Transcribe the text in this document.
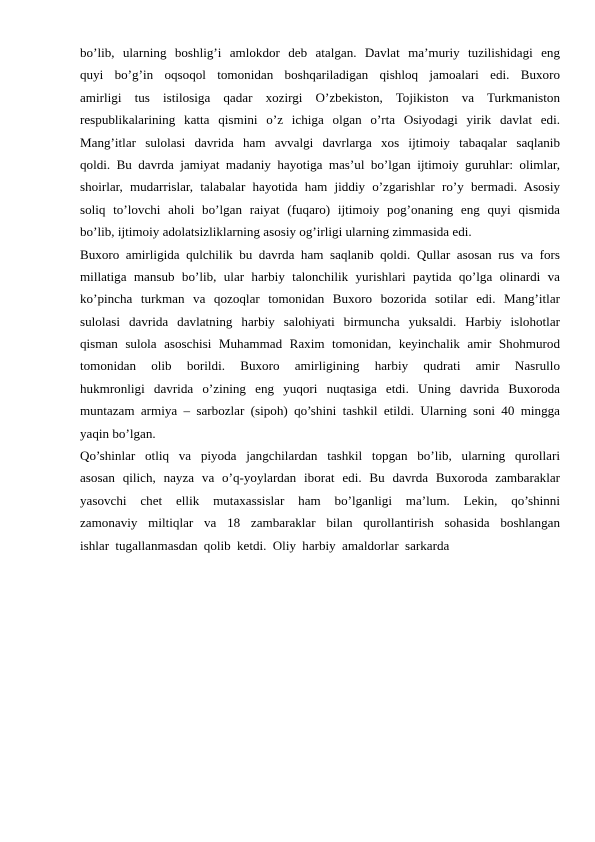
bo’lib, ularning boshlig’i amlokdor deb atalgan. Davlat ma’muriy tuzilishidagi eng
quyi bo’g’in oqsoqol tomonidan boshqariladigan qishloq jamoalari edi. Buxoro
amirligi tus istilosiga qadar xozirgi O’zbekiston, Tojikiston va Turkmaniston
respublikalarining katta qismini o’z ichiga olgan o’rta Osiyodagi yirik davlat edi.
Mang’itlar sulolasi davrida ham avvalgi davrlarga xos ijtimoiy tabaqalar saqlanib
qoldi. Bu davrda jamiyat madaniy hayotiga mas’ul bo’lgan ijtimoiy guruhlar: olimlar,
shoirlar, mudarrislar, talabalar hayotida ham jiddiy o’zgarishlar ro’y bermadi. Asosiy
soliq to’lovchi aholi bo’lgan raiyat (fuqaro) ijtimoiy pog’onaning eng quyi qismida
bo’lib, ijtimoiy adolatsizliklarning asosiy og’irligi ularning zimmasida edi.
Buxoro amirligida qulchilik bu davrda ham saqlanib qoldi. Qullar asosan rus va fors
millatiga mansub bo’lib, ular harbiy talonchilik yurishlari paytida qo’lga olinardi va
ko’pincha turkman va qozoqlar tomonidan Buxoro bozorida sotilar edi. Mang’itlar
sulolasi davrida davlatning harbiy salohiyati birmuncha yuksaldi. Harbiy islohotlar
qisman sulola asoschisi Muhammad Raxim tomonidan, keyinchalik amir Shohmurod
tomonidan olib borildi. Buxoro amirligining harbiy qudrati amir Nasrullo
hukmronligi davrida o’zining eng yuqori nuqtasiga etdi. Uning davrida Buxoroda
muntazam armiya – sarbozlar (sipoh) qo’shini tashkil etildi. Ularning soni 40 mingga
yaqin bo’lgan.
Qo’shinlar otliq va piyoda jangchilardan tashkil topgan bo’lib, ularning qurollari
asosan qilich, nayza va o’q-yoylardan iborat edi. Bu davrda Buxoroda zambaraklar
yasovchi chet ellik mutaxassislar ham bo’lganligi ma’lum. Lekin, qo’shinni
zamonaviy miltiqlar va 18 zambaraklar bilan qurollantirish sohasida boshlangan
ishlar tugallanmasdan qolib ketdi. Oliy harbiy amaldorlar sarkarda
